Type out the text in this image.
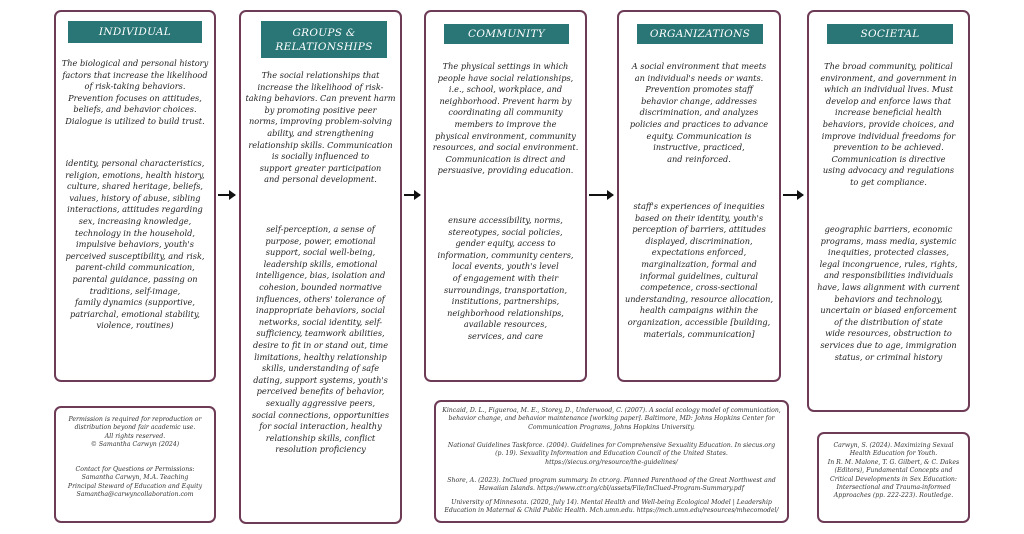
INDIVIDUAL
The biological and personal history
factors that increase the likelihood
of risk-taking behaviors.
Prevention focuses on attitudes,
beliefs, and behavior choices.
Dialogue is utilized to build trust.
identity, personal characteristics,
religion, emotions, health history,
culture, shared heritage, beliefs,
values, history of abuse, sibling
interactions, attitudes regarding
sex, increasing knowledge,
technology in the household,
impulsive behaviors, youth's
perceived susceptibility, and risk,
parent-child communication,
parental guidance, passing on
traditions, self-image,
family dynamics (supportive,
patriarchal, emotional stability,
violence, routines)
GROUPS &
RELATIONSHIPS
The social relationships that
increase the likelihood of risk-
taking behaviors. Can prevent harm
by promoting positive peer
norms, improving problem-solving
ability, and strengthening
relationship skills. Communication
is socially influenced to
support greater participation
and personal development.
self-perception, a sense of
purpose, power, emotional
support, social well-being,
leadership skills, emotional
intelligence, bias, isolation and
cohesion, bounded normative
influences, others' tolerance of
inappropriate behaviors, social
networks, social identity, self-
sufficiency, teamwork abilities,
desire to fit in or stand out, time
limitations, healthy relationship
skills, understanding of safe
dating, support systems, youth's
perceived benefits of behavior,
sexually aggressive peers,
social connections, opportunities
for social interaction, healthy
relationship skills, conflict
resolution proficiency
COMMUNITY
The physical settings in which
people have social relationships,
i.e., school, workplace, and
neighborhood. Prevent harm by
coordinating all community
members to improve the
physical environment, community
resources, and social environment.
Communication is direct and
persuasive, providing education.
ensure accessibility, norms,
stereotypes, social policies,
gender equity, access to
information, community centers,
local events, youth's level
of engagement with their
surroundings, transportation,
institutions, partnerships,
neighborhood relationships,
available resources,
services, and care
ORGANIZATIONS
A social environment that meets
an individual's needs or wants.
Prevention promotes staff
behavior change, addresses
discrimination, and analyzes
policies and practices to advance
equity. Communication is
instructive, practiced,
and reinforced.
staff's experiences of inequities
based on their identity, youth's
perception of barriers, attitudes
displayed, discrimination,
expectations enforced,
marginalization, formal and
informal guidelines, cultural
competence, cross-sectional
understanding, resource allocation,
health campaigns within the
organization, accessible [building,
materials, communication]
SOCIETAL
The broad community, political
environment, and government in
which an individual lives. Must
develop and enforce laws that
increase beneficial health
behaviors, provide choices, and
improve individual freedoms for
prevention to be achieved.
Communication is directive
using advocacy and regulations
to get compliance.
geographic barriers, economic
programs, mass media, systemic
inequities, protected classes,
legal incongruence, rules, rights,
and responsibilities individuals
have, laws alignment with current
behaviors and technology,
uncertain or biased enforcement
of the distribution of state
wide resources, obstruction to
services due to age, immigration
status, or criminal history
Permission is required for reproduction or
distribution beyond fair academic use.
All rights reserved.
© Samantha Carwyn (2024)
Contact for Questions or Permissions:
Samantha Carwyn, M.A. Teaching
Principal Steward of Education and Equity
Samantha@carwyncollaboration.com
Kincaid, D. L., Figueroa, M. E., Storey, D., Underwood, C. (2007). A social ecology model of communication,
behavior change, and behavior maintenance [working paper]. Baltimore, MD: Johns Hopkins Center for
Communication Programs, Johns Hopkins University.
National Guidelines Taskforce. (2004). Guidelines for Comprehensive Sexuality Education. In siecus.org
(p. 19). Sexuality Information and Education Council of the United States.
https://siecus.org/resource/the-guidelines/
Shore, A. (2023). InClued program summary. In ctr.org. Planned Parenthood of the Great Northwest and
Hawaiian Islands. https://www.ctr.org/cbl/assets/File/InClued-Program-Summary.pdf
University of Minnesota. (2020, July 14). Mental Health and Well-being Ecological Model | Leadership
Education in Maternal & Child Public Health. Mch.umn.edu. https://mch.umn.edu/resources/mhecomodel/
Carwyn, S. (2024). Maximizing Sexual
Health Education for Youth.
In R. M. Malone, T. G. Gilbert, & C. Dakes
(Editors), Fundamental Concepts and
Critical Developments in Sex Education:
Intersectional and Trauma-informed
Approaches (pp. 222-223). Routledge.
